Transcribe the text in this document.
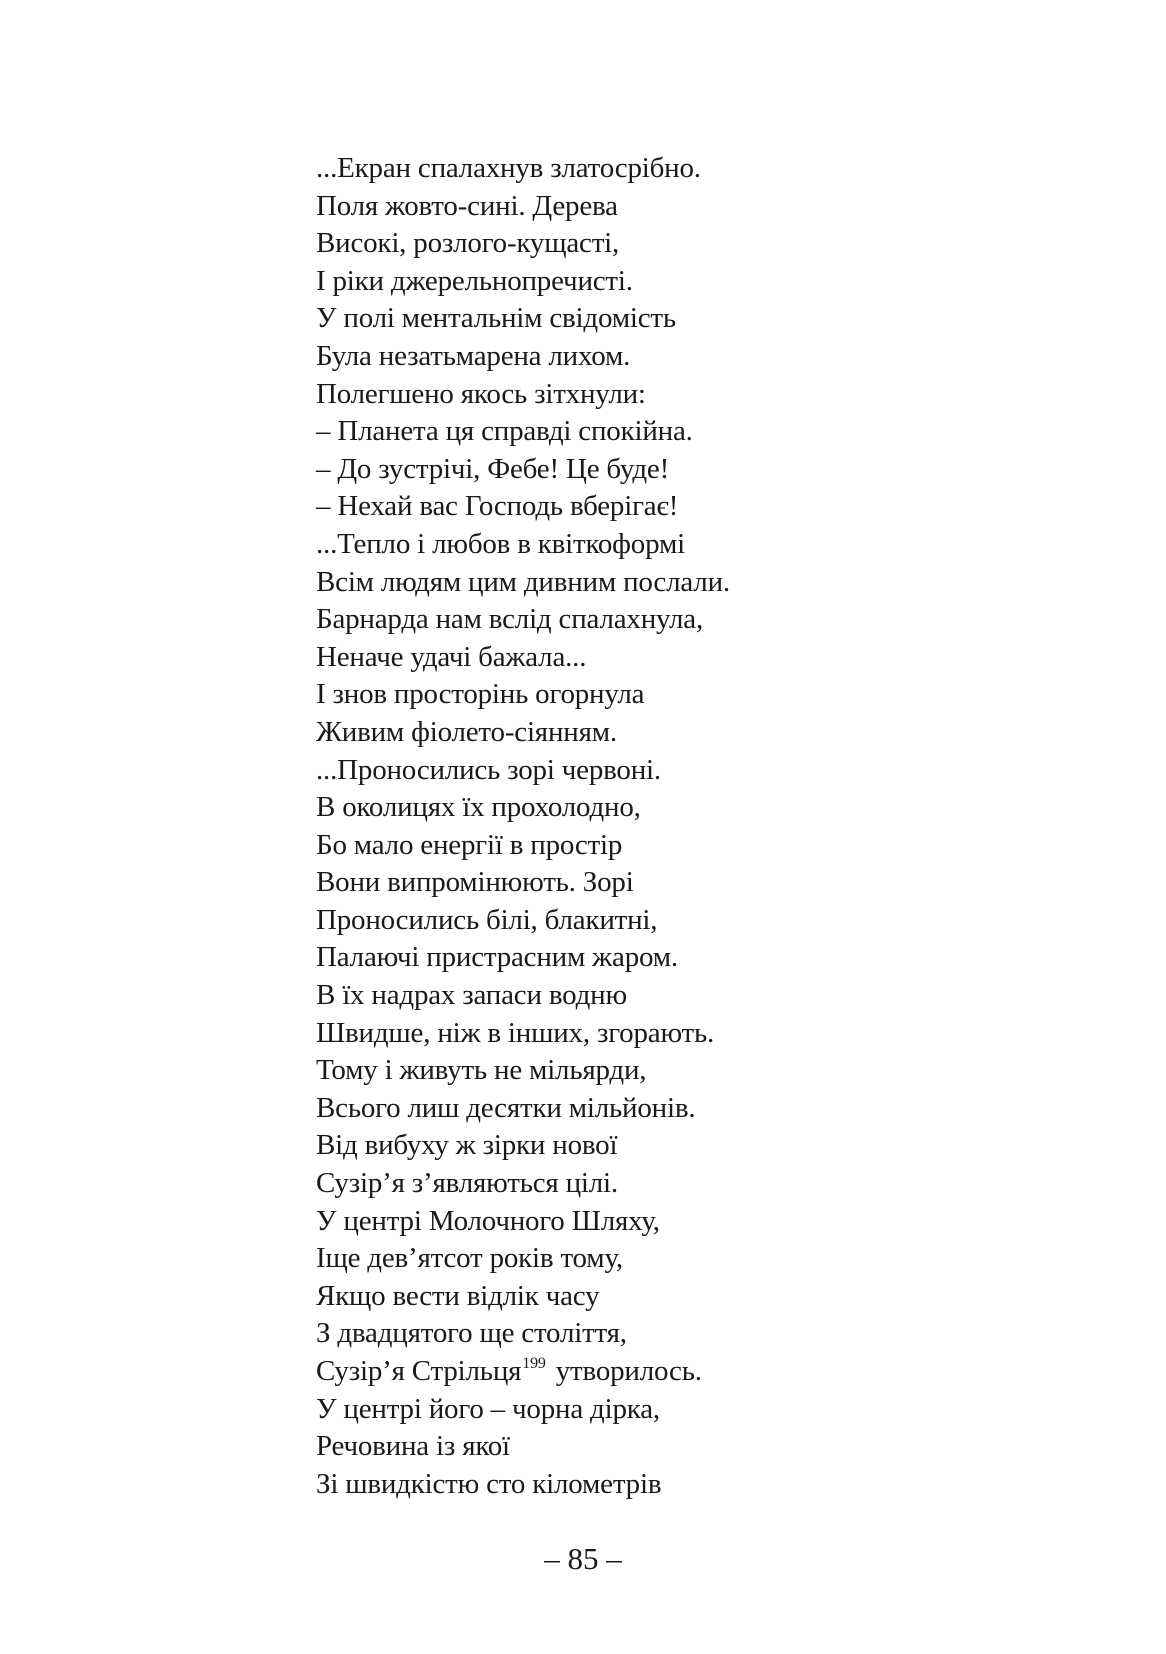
...Екран спалахнув златосрібно.
Поля жовто-сині. Дерева
Високі, розлого-кущасті,
І ріки джерельнопречисті.
У полі ментальнім свідомість
Була незатьмарена лихом.
Полегшено якось зітхнули:
– Планета ця справді спокійна.
– До зустрічі, Фебе! Це буде!
– Нехай вас Господь вберігає!
...Тепло і любов в квіткоформі
Всім людям цим дивним послали.
Барнарда нам вслід спалахнула,
Неначе удачі бажала...
І знов просторінь огорнула
Живим фіолето-сіянням.
...Проносились зорі червоні.
В околицях їх прохолодно,
Бо мало енергії в простір
Вони випромінюють. Зорі
Проносились білі, блакитні,
Палаючі пристрасним жаром.
В їх надрах запаси водню
Швидше, ніж в інших, згорають.
Тому і живуть не мільярди,
Всього лиш десятки мільйонів.
Від вибуху ж зірки нової
Сузір’я з’являються цілі.
У центрі Молочного Шляху,
Іще дев’ятсот років тому,
Якщо вести відлік часу
З двадцятого ще століття,
Сузір’я Стрільця$^{199}$ утворилось.
У центрі його – чорна дірка,
Речовина із якої
Зі швидкістю сто кілометрів
– 85 –
